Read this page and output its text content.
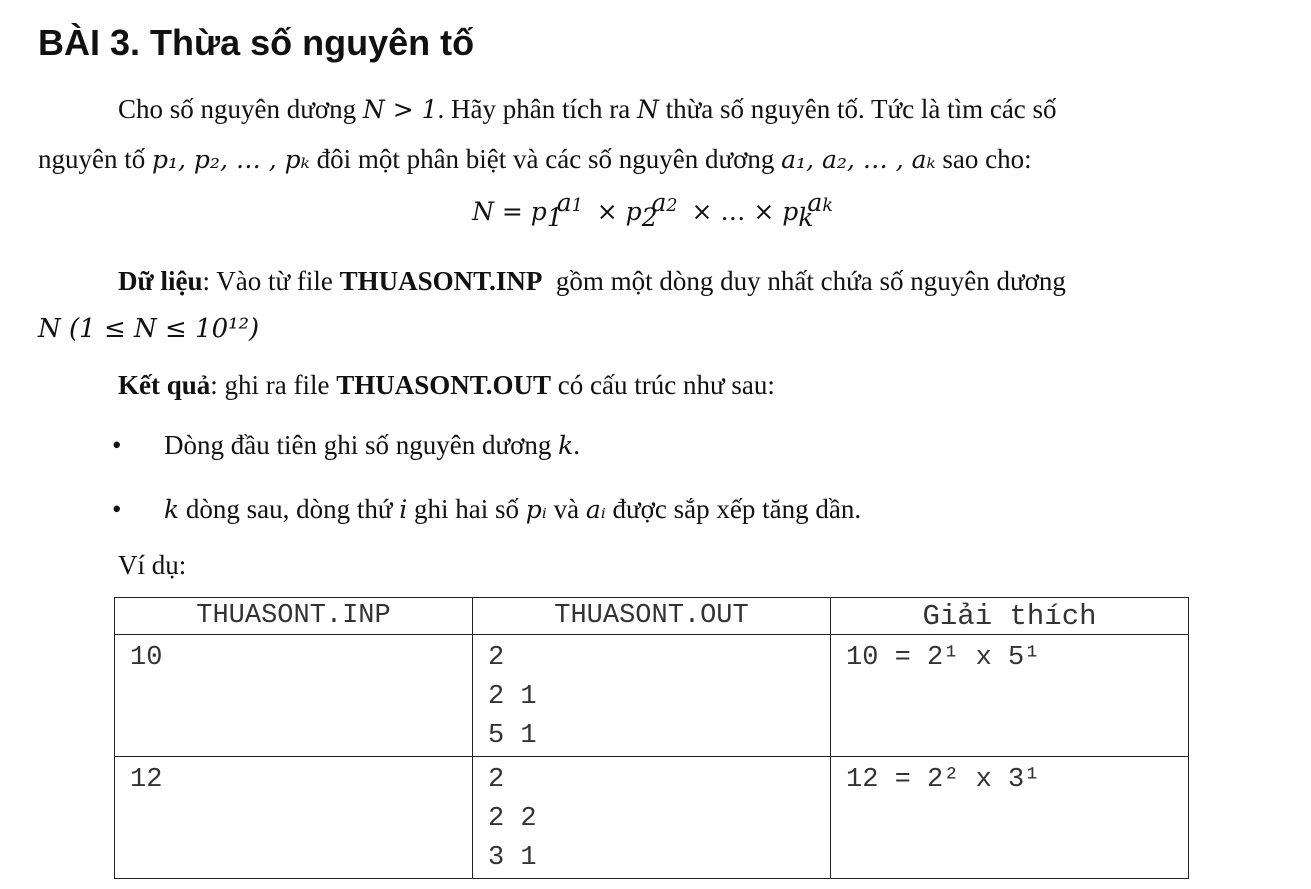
BÀI 3. Thừa số nguyên tố
Cho số nguyên dương N > 1. Hãy phân tích ra N thừa số nguyên tố. Tức là tìm các số
nguyên tố p₁, p₂, … , pₖ đôi một phân biệt và các số nguyên dương a₁, a₂, … , aₖ sao cho:
$N = p_1^{a1} \times p_2^{a2}$ × … × $p_k^{ak}$
Dữ liệu: Vào từ file THUASONT.INP  gồm một dòng duy nhất chứa số nguyên dương
N (1 ≤ N ≤ 10¹²)
Kết quả: ghi ra file THUASONT.OUT có cấu trúc như sau:
• Dòng đầu tiên ghi số nguyên dương k.
• k dòng sau, dòng thứ i ghi hai số pᵢ và aᵢ được sắp xếp tăng dần.
Ví dụ:
THUASONT.INP	THUASONT.OUT	Giải thích

10	2
2 1
5 1	10 = 2¹ x 5¹

12	2
2 2
3 1	12 = 2² x 3¹
